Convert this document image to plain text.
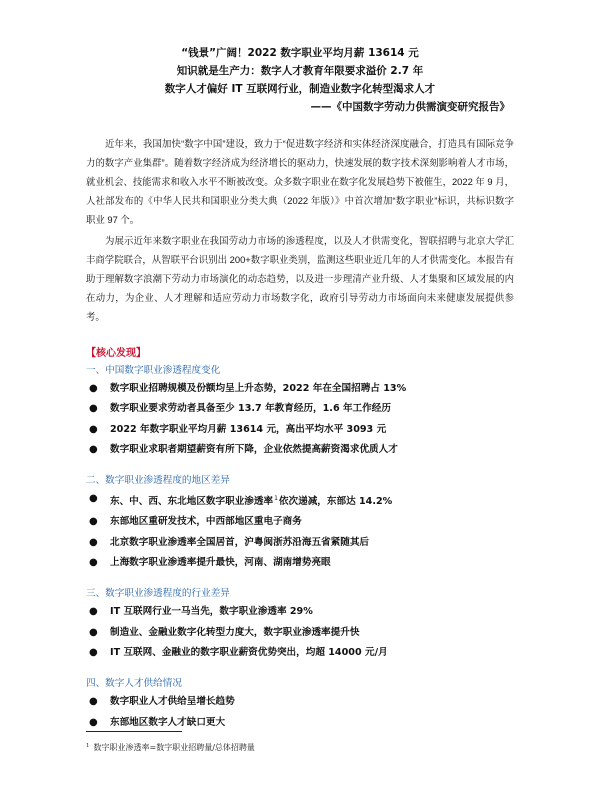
“钱景”广阔！2022 数字职业平均月薪 13614 元
知识就是生产力：数字人才教育年限要求溢价 2.7 年
数字人才偏好 IT 互联网行业，制造业数字化转型渴求人才
——《中国数字劳动力供需演变研究报告》

近年来，我国加快“数字中国”建设，致力于“促进数字经济和实体经济深度融合，打造具有国际竞争力的数字产业集群”。随着数字经济成为经济增长的驱动力，快速发展的数字技术深刻影响着人才市场，就业机会、技能需求和收入水平不断被改变。众多数字职业在数字化发展趋势下被催生，2022 年 9 月，人社部发布的《中华人民共和国职业分类大典（2022 年版）》中首次增加“数字职业”标识，共标识数字职业 97 个。

为展示近年来数字职业在我国劳动力市场的渗透程度，以及人才供需变化，智联招聘与北京大学汇丰商学院联合，从智联平台识别出 200+数字职业类别，监测这些职业近几年的人才供需变化。本报告有助于理解数字浪潮下劳动力市场演化的动态趋势，以及进一步理清产业升级、人才集聚和区域发展的内在动力，为企业、人才理解和适应劳动力市场数字化，政府引导劳动力市场面向未来健康发展提供参考。

【核心发现】
一、中国数字职业渗透程度变化
● 数字职业招聘规模及份额均呈上升态势，2022 年在全国招聘占 13%
● 数字职业要求劳动者具备至少 13.7 年教育经历，1.6 年工作经历
● 2022 年数字职业平均月薪 13614 元，高出平均水平 3093 元
● 数字职业求职者期望薪资有所下降，企业依然提高薪资渴求优质人才
二、数字职业渗透程度的地区差异
● 东、中、西、东北地区数字职业渗透率$^1$依次递减，东部达 14.2%
● 东部地区重研发技术，中西部地区重电子商务
● 北京数字职业渗透率全国居首，沪粤闽浙苏沿海五省紧随其后
● 上海数字职业渗透率提升最快，河南、湖南增势亮眼
三、数字职业渗透程度的行业差异
● IT 互联网行业一马当先，数字职业渗透率 29%
● 制造业、金融业数字化转型力度大，数字职业渗透率提升快
● IT 互联网、金融业的数字职业薪资优势突出，均超 14000 元/月
四、数字人才供给情况
● 数字职业人才供给呈增长趋势
● 东部地区数字人才缺口更大
$^1$ 数字职业渗透率=数字职业招聘量/总体招聘量
